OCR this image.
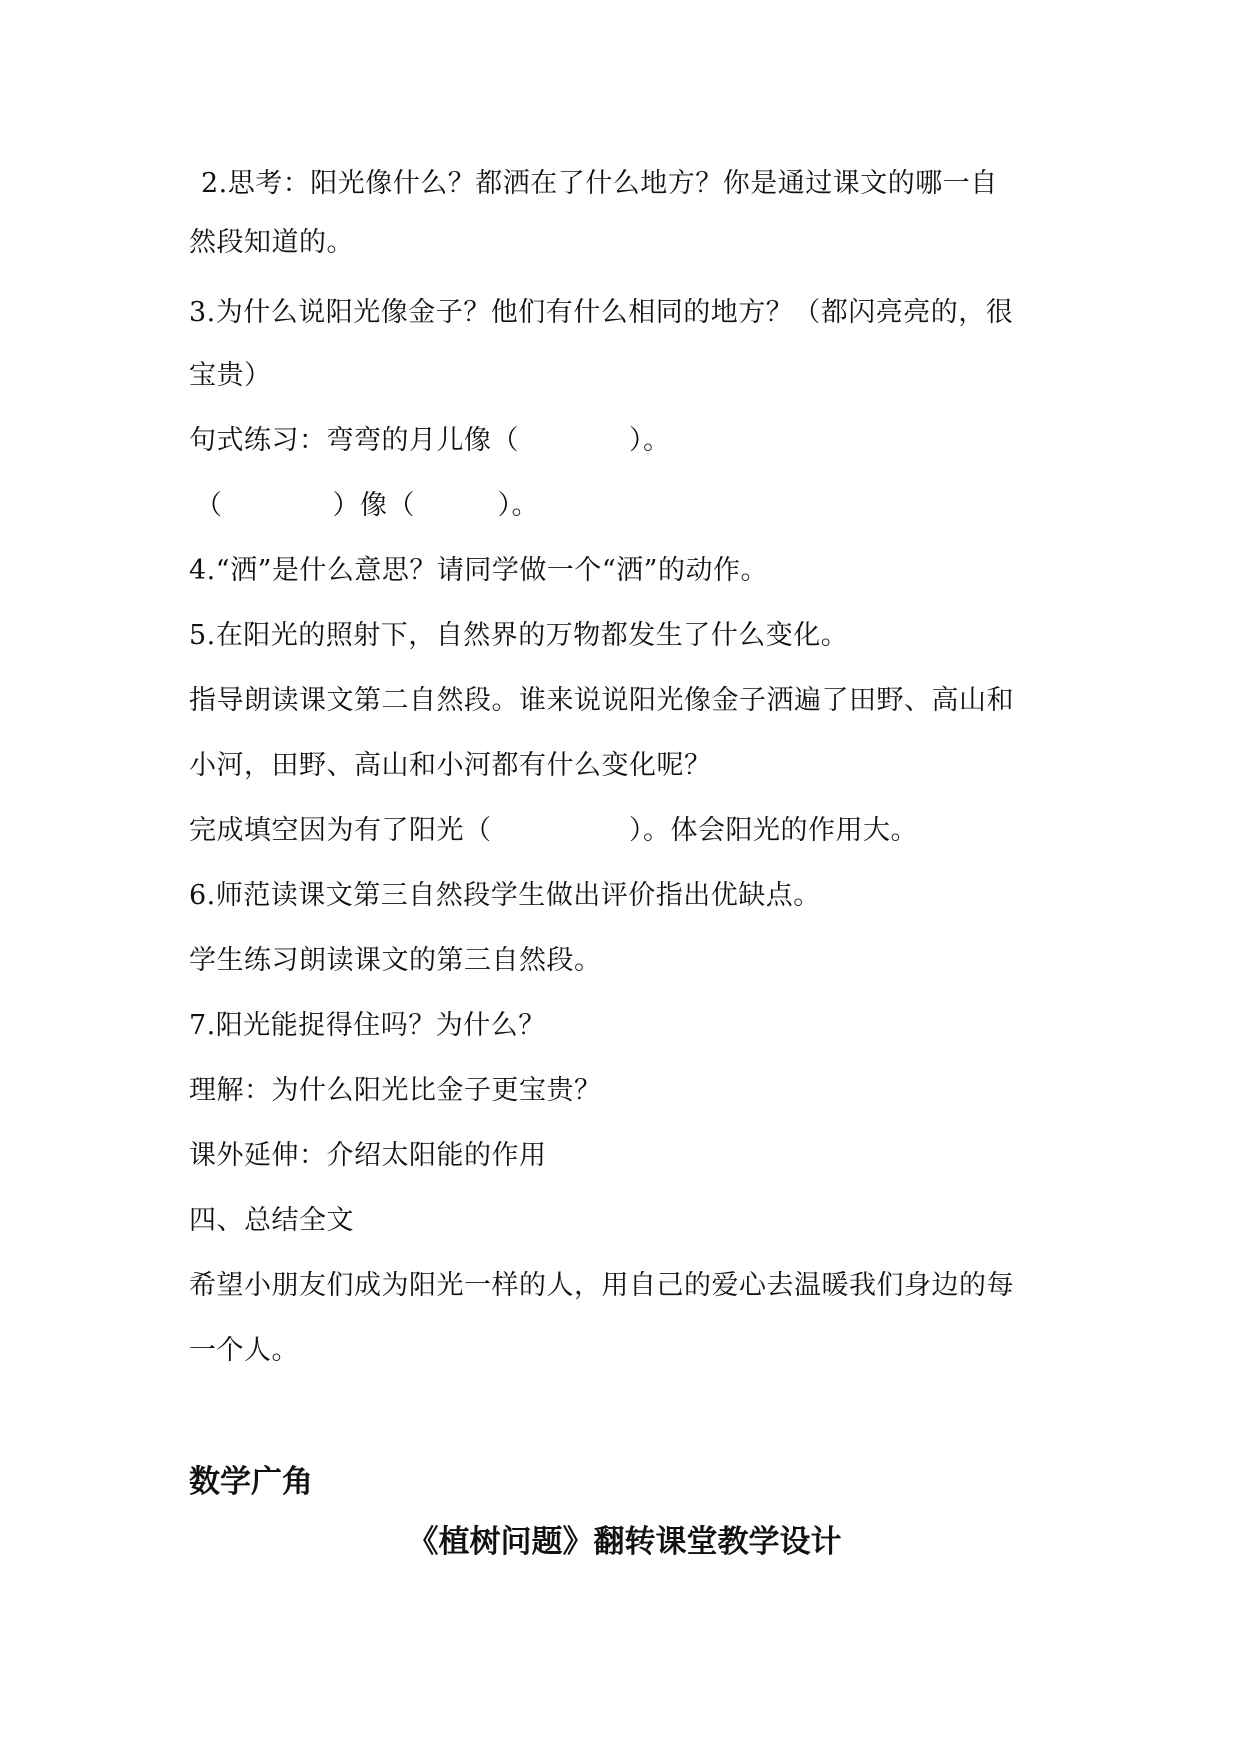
2.思考：阳光像什么？都洒在了什么地方？你是通过课文的哪一自
然段知道的。
3.为什么说阳光像金子？他们有什么相同的地方？（都闪亮亮的，很
宝贵）
句式练习：弯弯的月儿像（　　　　）。
（　　　　）像（　　　）。
4.“洒”是什么意思？请同学做一个“洒”的动作。
5.在阳光的照射下，自然界的万物都发生了什么变化。
指导朗读课文第二自然段。谁来说说阳光像金子洒遍了田野、高山和
小河，田野、高山和小河都有什么变化呢？
完成填空因为有了阳光（　　　　　）。体会阳光的作用大。
6.师范读课文第三自然段学生做出评价指出优缺点。
学生练习朗读课文的第三自然段。
7.阳光能捉得住吗？为什么？
理解：为什么阳光比金子更宝贵？
课外延伸：介绍太阳能的作用
四、总结全文
希望小朋友们成为阳光一样的人，用自己的爱心去温暖我们身边的每
一个人。
数学广角
《植树问题》翻转课堂教学设计
